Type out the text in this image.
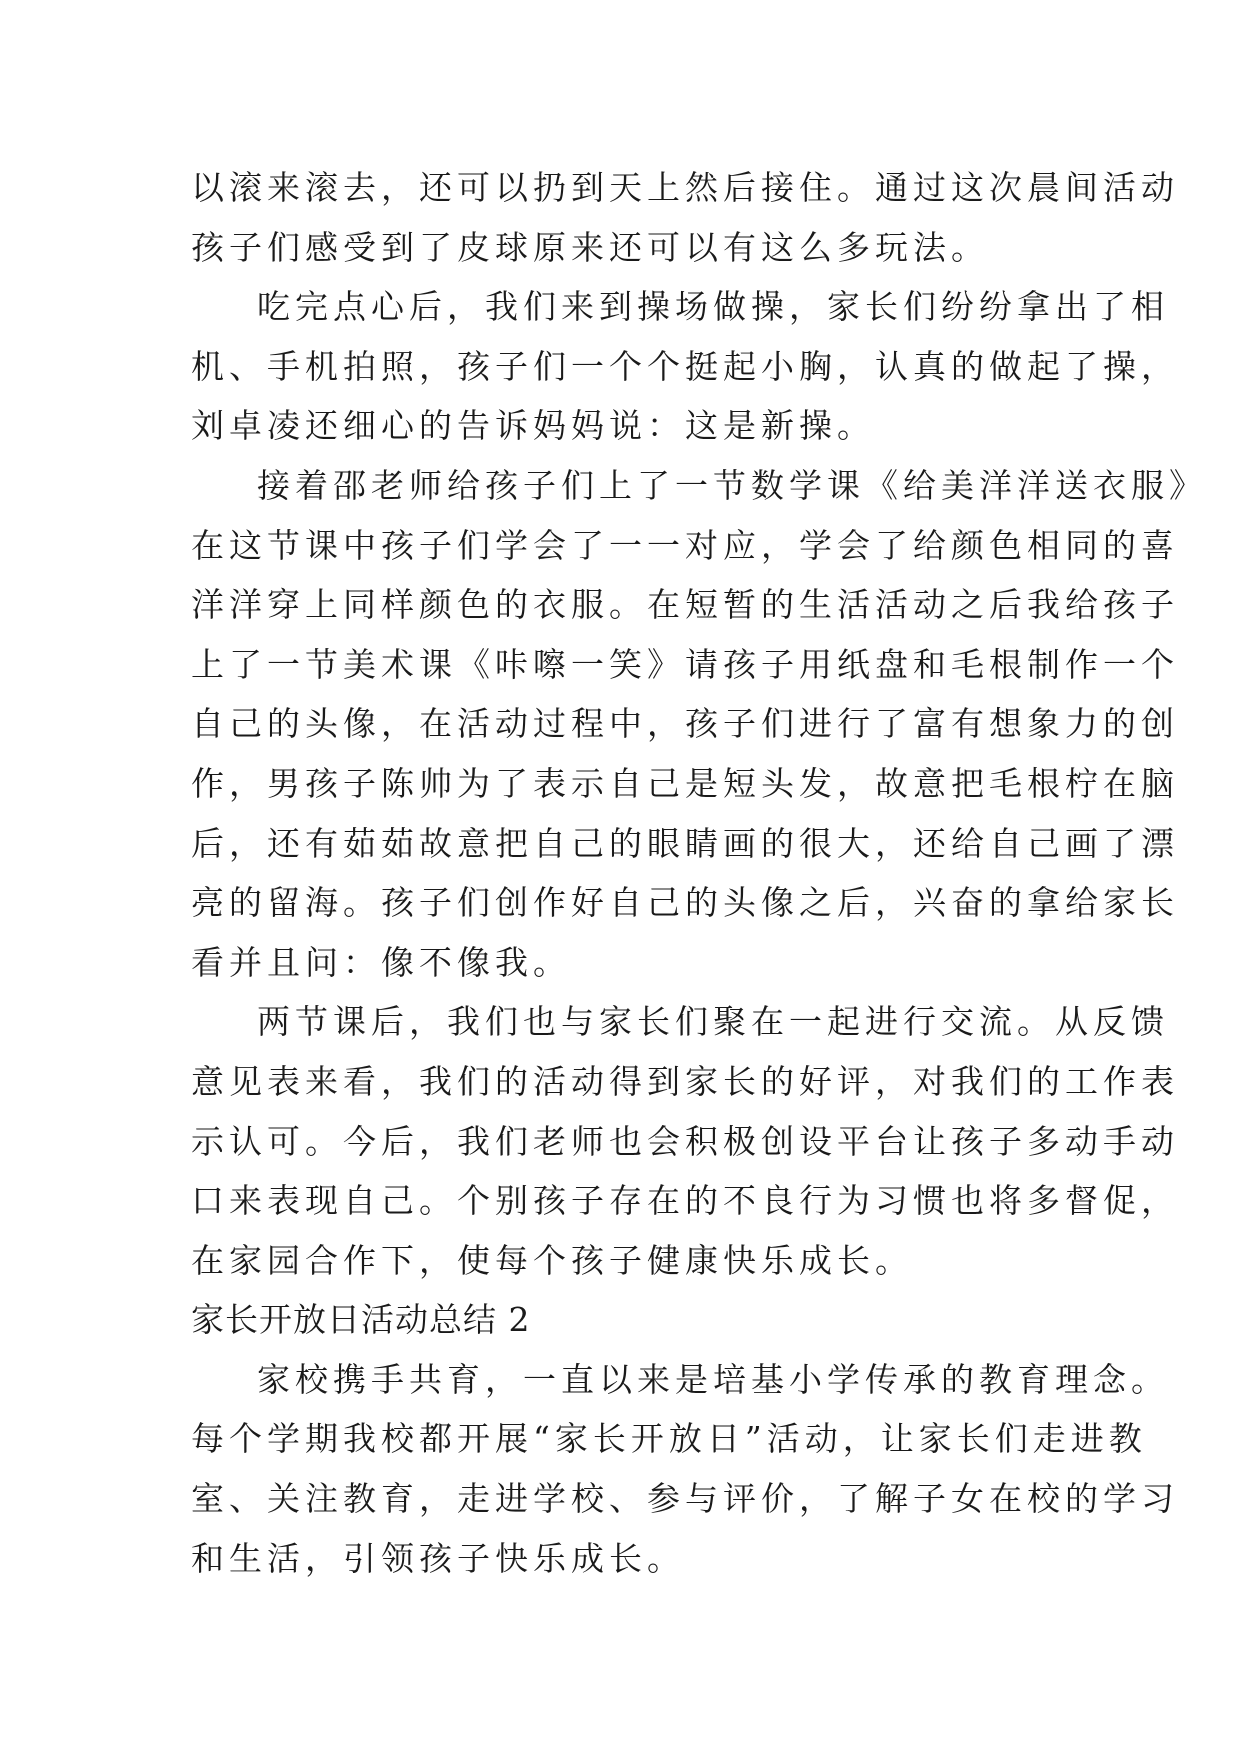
以滚来滚去，还可以扔到天上然后接住。通过这次晨间活动
孩子们感受到了皮球原来还可以有这么多玩法。
吃完点心后，我们来到操场做操，家长们纷纷拿出了相
机、手机拍照，孩子们一个个挺起小胸，认真的做起了操，
刘卓凌还细心的告诉妈妈说：这是新操。
接着邵老师给孩子们上了一节数学课《给美洋洋送衣服》
在这节课中孩子们学会了一一对应，学会了给颜色相同的喜
洋洋穿上同样颜色的衣服。在短暂的生活活动之后我给孩子
上了一节美术课《咔嚓一笑》请孩子用纸盘和毛根制作一个
自己的头像，在活动过程中，孩子们进行了富有想象力的创
作，男孩子陈帅为了表示自己是短头发，故意把毛根柠在脑
后，还有茹茹故意把自己的眼睛画的很大，还给自己画了漂
亮的留海。孩子们创作好自己的头像之后，兴奋的拿给家长
看并且问：像不像我。
两节课后，我们也与家长们聚在一起进行交流。从反馈
意见表来看，我们的活动得到家长的好评，对我们的工作表
示认可。今后，我们老师也会积极创设平台让孩子多动手动
口来表现自己。个别孩子存在的不良行为习惯也将多督促，
在家园合作下，使每个孩子健康快乐成长。
家长开放日活动总结 2
家校携手共育，一直以来是培基小学传承的教育理念。
每个学期我校都开展“家长开放日”活动，让家长们走进教
室、关注教育，走进学校、参与评价，了解子女在校的学习
和生活，引领孩子快乐成长。
